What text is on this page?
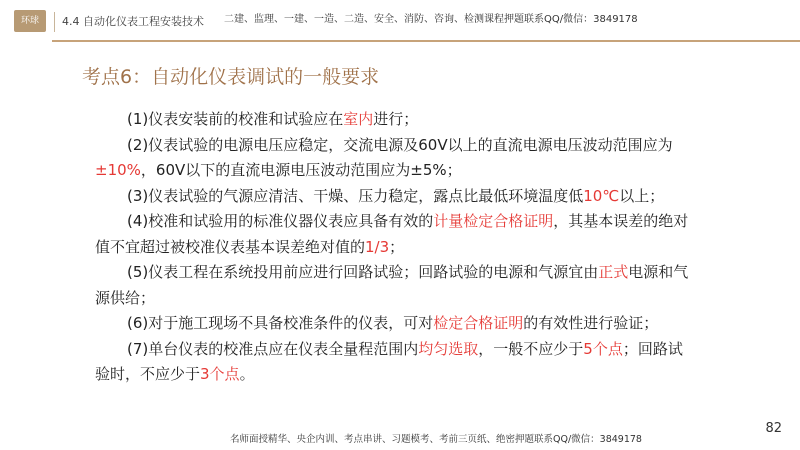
环球	4.4 自动化仪表工程安装技术 二建、监理、一建、一造、二造、安全、消防、咨询、检测课程押题联系QQ/微信：3849178
考点6：自动化仪表调试的一般要求

(1)仪表安装前的校准和试验应在室内进行；

(2)仪表试验的电源电压应稳定，交流电源及60V以上的直流电源电压波动范围应为±10%，60V以下的直流电源电压波动范围应为±5%；

(3)仪表试验的气源应清洁、干燥、压力稳定，露点比最低环境温度低10℃以上；

(4)校准和试验用的标准仪器仪表应具备有效的计量检定合格证明，其基本误差的绝对值不宜超过被校准仪表基本误差绝对值的1/3；

(5)仪表工程在系统投用前应进行回路试验；回路试验的电源和气源宜由正式电源和气源供给；

(6)对于施工现场不具备校准条件的仪表，可对检定合格证明的有效性进行验证；

(7)单台仪表的校准点应在仪表全量程范围内均匀选取，一般不应少于5个点；回路试验时，不应少于3个点。

82
名师面授精华、央企内训、考点串讲、习题模考、考前三页纸、绝密押题联系QQ/微信：3849178
